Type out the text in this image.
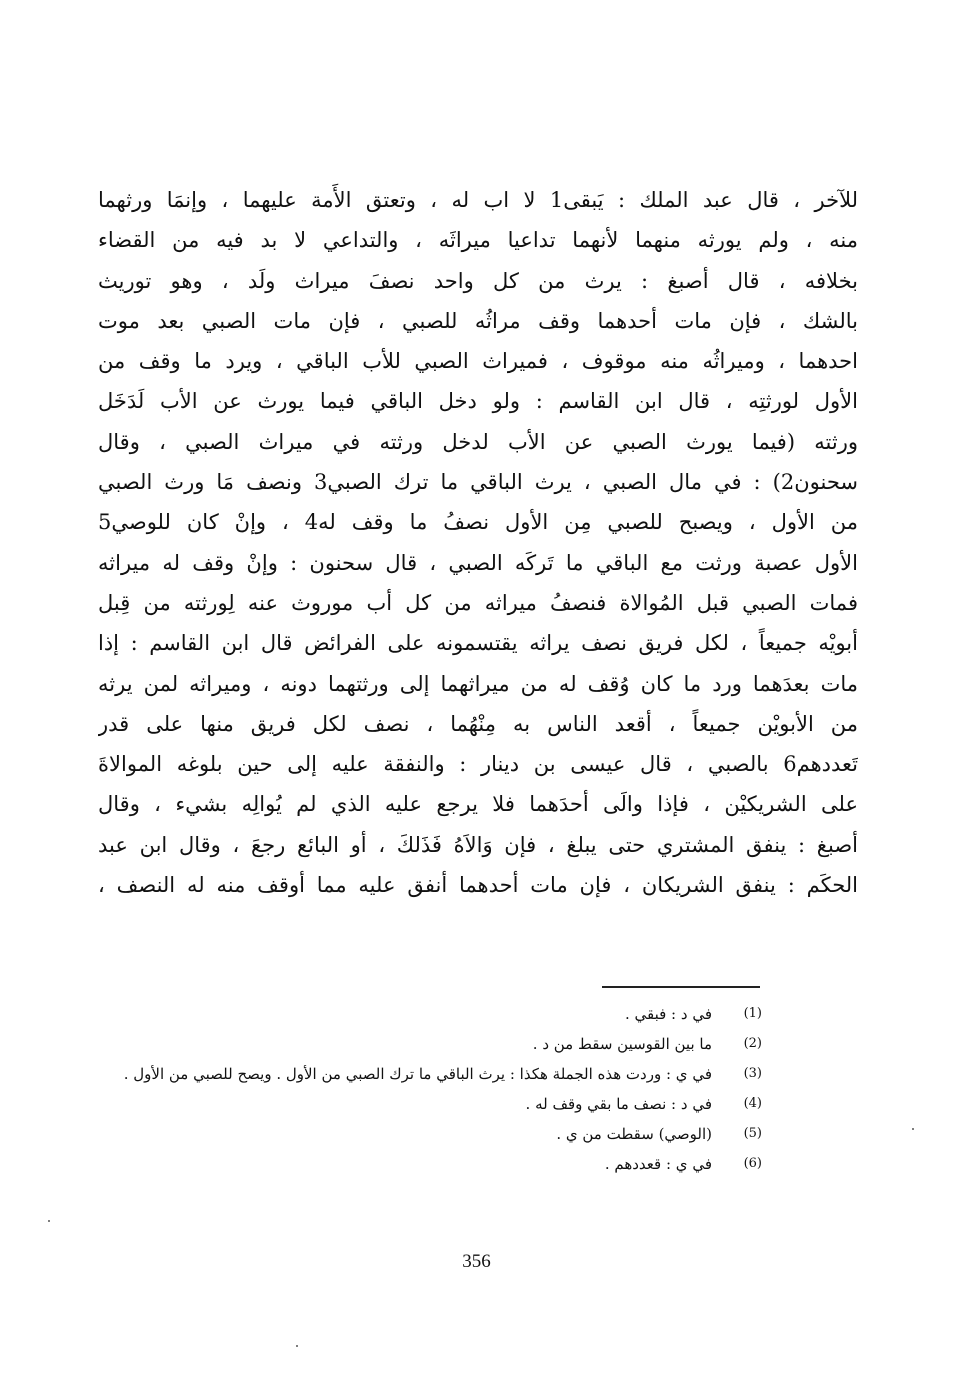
للآخر ، قال عبد الملك : يَبقى1 لا اب له ، وتعتق الأَمة عليهما ، وإنمَا ورثهما
منه ، ولم يورثه منهما لأنهما تداعيا ميراثَه ، والتداعي لا بد فيه من القضاء
بخلافه ، قال أصبغ : يرث من كل واحد نصفَ ميراث ولَد ، وهو توريث
بالشك ، فإن مات أحدهما وقف مراثُه للصبي ، فإن مات الصبي بعد موت
احدهما ، وميراثُه منه موقوف ، فميراث الصبي للأب الباقي ، ويرد ما وقف من
الأول لورثتِه ، قال ابن القاسم : ولو دخل الباقي فيما يورث عن الأب لَدَخَل
ورثته (فيما يورث الصبي عن الأب لدخل ورثته في ميراث الصبي ، وقال
سحنون2) : في مال الصبي ، يرث الباقي ما ترك الصبي3 ونصف مَا ورث الصبي
من الأول ، ويصبح للصبي مِن الأول نصفُ ما وقف له4 ، وإنْ كان للوصي5
الأول عصبة ورثت مع الباقي ما تَركَه الصبي ، قال سحنون : وإنْ وقف له ميراثه
فمات الصبي قبل المُوالاة فنصفُ ميراثه من كل أب موروث عنه لِورثته من قِبل
أبويْه جميعاً ، لكل فريق نصف يراثه يقتسمونه على الفرائض قال ابن القاسم : إذا
مات بعدَهما ورد ما كان وُقف له من ميراثهما إلى ورثتهما دونه ، وميراثه لمن يرثه
من الأبويْن جميعاً ، أقعد الناس به مِنْهُما ، نصف لكل فريق منها على قدر
تَعددهم6 بالصبي ، قال عيسى بن دينار : والنفقة عليه إلى حين بلوغه الموالاةَ
على الشريكيْن ، فإذا والَى أحدَهما فلا يرجع عليه الذي لم يُوالِه بشيء ، وقال
أصبغ : ينفق المشتري حتى يبلغ ، فإن وَالاَهُ فَذَلكَ ، أو البائع رجعَ ، وقال ابن عبد
الحكَم : ينفق الشريكان ، فإن مات أحدهما أنفق عليه مما أوقف منه له النصف ،
(1)
في د : فبقي .
(2)
ما بين القوسين سقط من د .
(3)
في ي : وردت هذه الجملة هكذا : يرث الباقي ما ترك الصبي من الأول . ويصح للصبي من الأول .
(4)
في د : نصف ما بقي وقف له .
(5)
(الوصي) سقطت من ي .
(6)
في ي : قعددهم .
356
